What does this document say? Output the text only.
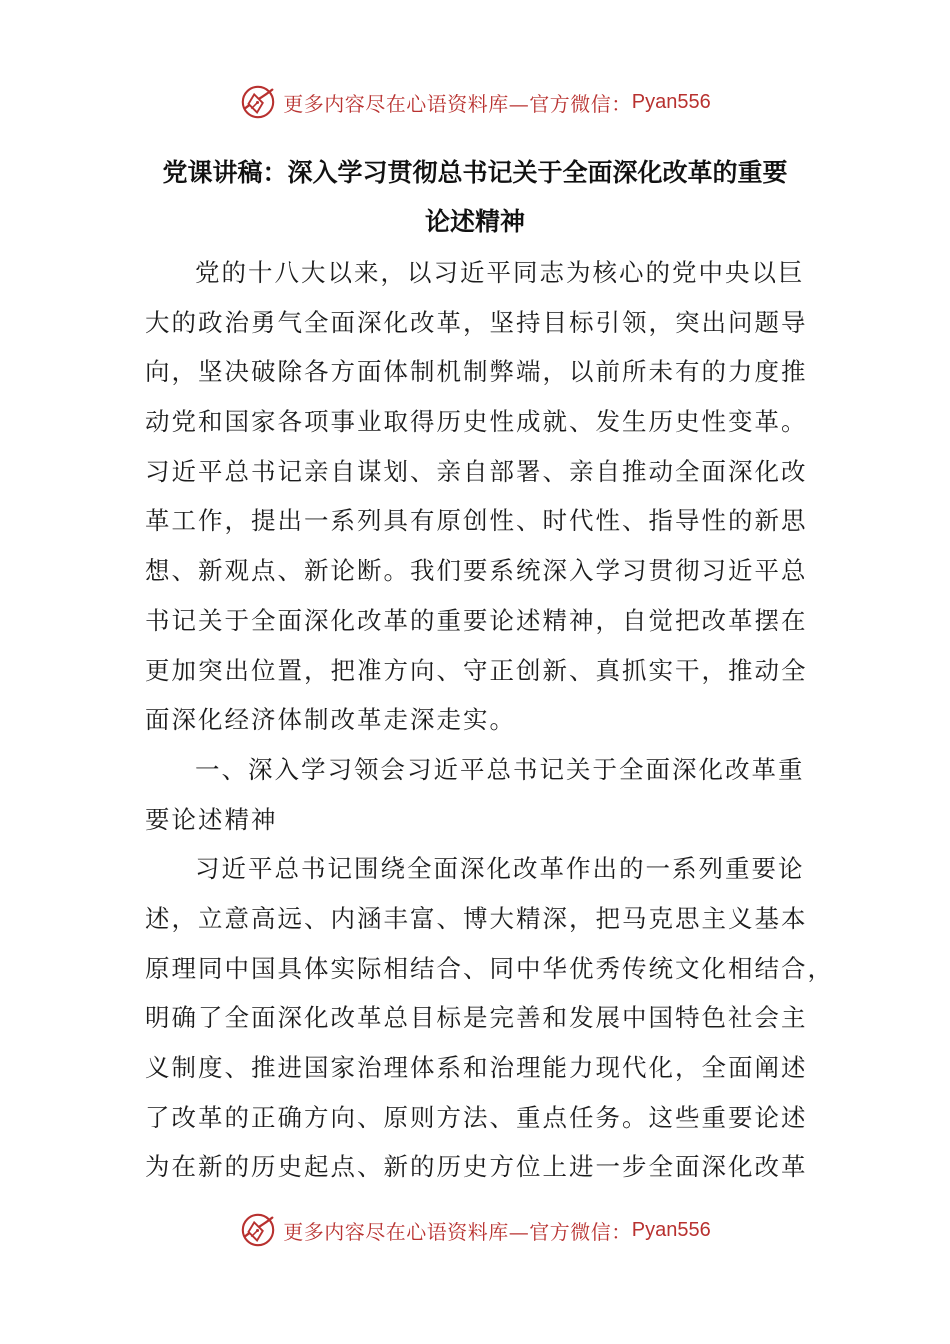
更多内容尽在心语资料库—官方微信： Pyan556
党课讲稿：深入学习贯彻总书记关于全面深化改革的重要
论述精神
党的十八大以来，以习近平同志为核心的党中央以巨
大的政治勇气全面深化改革，坚持目标引领，突出问题导
向，坚决破除各方面体制机制弊端，以前所未有的力度推
动党和国家各项事业取得历史性成就、发生历史性变革。
习近平总书记亲自谋划、亲自部署、亲自推动全面深化改
革工作，提出一系列具有原创性、时代性、指导性的新思
想、新观点、新论断。我们要系统深入学习贯彻习近平总
书记关于全面深化改革的重要论述精神，自觉把改革摆在
更加突出位置，把准方向、守正创新、真抓实干，推动全
面深化经济体制改革走深走实。
一、深入学习领会习近平总书记关于全面深化改革重
要论述精神
习近平总书记围绕全面深化改革作出的一系列重要论
述，立意高远、内涵丰富、博大精深，把马克思主义基本
原理同中国具体实际相结合、同中华优秀传统文化相结合，
明确了全面深化改革总目标是完善和发展中国特色社会主
义制度、推进国家治理体系和治理能力现代化，全面阐述
了改革的正确方向、原则方法、重点任务。这些重要论述
为在新的历史起点、新的历史方位上进一步全面深化改革
更多内容尽在心语资料库—官方微信： Pyan556
